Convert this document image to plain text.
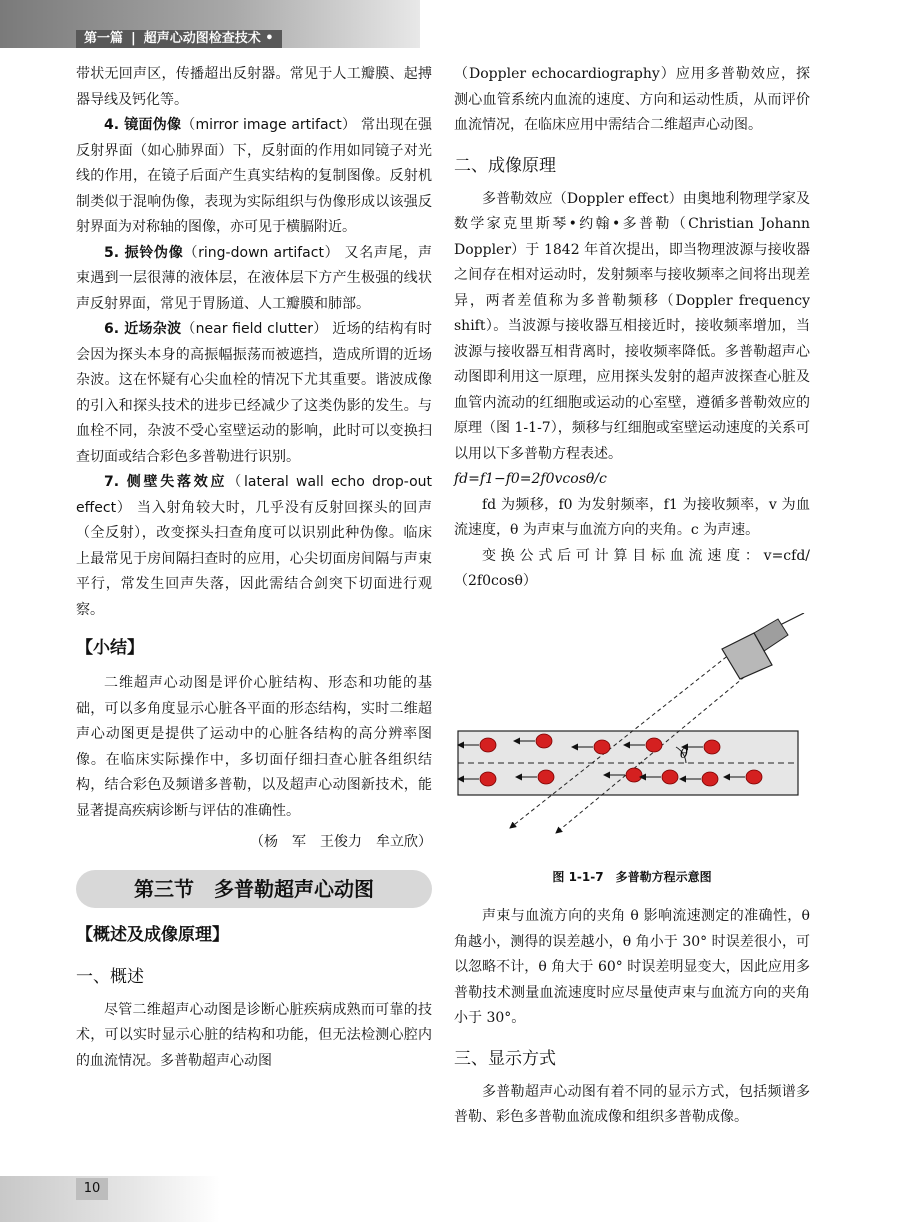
第一篇 | 超声心动图检查技术 •

带状无回声区，传播超出反射器。常见于人工瓣膜、起搏器导线及钙化等。

4. 镜面伪像（mirror image artifact） 常出现在强反射界面（如心肺界面）下，反射面的作用如同镜子对光线的作用，在镜子后面产生真实结构的复制图像。反射机制类似于混响伪像，表现为实际组织与伪像形成以该强反射界面为对称轴的图像，亦可见于横膈附近。

5. 振铃伪像（ring-down artifact） 又名声尾，声束遇到一层很薄的液体层，在液体层下方产生极强的线状声反射界面，常见于胃肠道、人工瓣膜和肺部。

6. 近场杂波（near field clutter） 近场的结构有时会因为探头本身的高振幅振荡而被遮挡，造成所谓的近场杂波。这在怀疑有心尖血栓的情况下尤其重要。谐波成像的引入和探头技术的进步已经减少了这类伪影的发生。与血栓不同，杂波不受心室壁运动的影响，此时可以变换扫查切面或结合彩色多普勒进行识别。

7. 侧壁失落效应（lateral wall echo drop-out effect） 当入射角较大时，几乎没有反射回探头的回声（全反射），改变探头扫查角度可以识别此种伪像。临床上最常见于房间隔扫查时的应用，心尖切面房间隔与声束平行，常发生回声失落，因此需结合剑突下切面进行观察。

【小结】

二维超声心动图是评价心脏结构、形态和功能的基础，可以多角度显示心脏各平面的形态结构，实时二维超声心动图更是提供了运动中的心脏各结构的高分辨率图像。在临床实际操作中，多切面仔细扫查心脏各组织结构，结合彩色及频谱多普勒，以及超声心动图新技术，能显著提高疾病诊断与评估的准确性。

（杨　军　王俊力　牟立欣）
第三节　多普勒超声心动图
【概述及成像原理】
一、概述

尽管二维超声心动图是诊断心脏疾病成熟而可靠的技术，可以实时显示心脏的结构和功能，但无法检测心腔内的血流情况。多普勒超声心动图

（Doppler echocardiography）应用多普勒效应，探测心血管系统内血流的速度、方向和运动性质，从而评价血流情况，在临床应用中需结合二维超声心动图。

二、成像原理

多普勒效应（Doppler effect）由奥地利物理学家及数学家克里斯琴•约翰•多普勒（Christian Johann Doppler）于 1842 年首次提出，即当物理波源与接收器之间存在相对运动时，发射频率与接收频率之间将出现差异，两者差值称为多普勒频移（Doppler frequency shift）。当波源与接收器互相接近时，接收频率增加，当波源与接收器互相背离时，接收频率降低。多普勒超声心动图即利用这一原理，应用探头发射的超声波探查心脏及血管内流动的红细胞或运动的心室壁，遵循多普勒效应的原理（图 1-1-7），频移与红细胞或室壁运动速度的关系可以用以下多普勒方程表述。

fd=f1−f0=2f0vcosθ/c

fd 为频移，f0 为发射频率，f1 为接收频率，v 为血流速度，θ 为声束与血流方向的夹角。c 为声速。

变换公式后可计算目标血流速度：v=cfd/（2f0cosθ）

θ
图 1-1-7　多普勒方程示意图

声束与血流方向的夹角 θ 影响流速测定的准确性，θ 角越小，测得的误差越小，θ 角小于 30° 时误差很小，可以忽略不计，θ 角大于 60° 时误差明显变大，因此应用多普勒技术测量血流速度时应尽量使声束与血流方向的夹角小于 30°。

三、显示方式

多普勒超声心动图有着不同的显示方式，包括频谱多普勒、彩色多普勒血流成像和组织多普勒成像。

10
